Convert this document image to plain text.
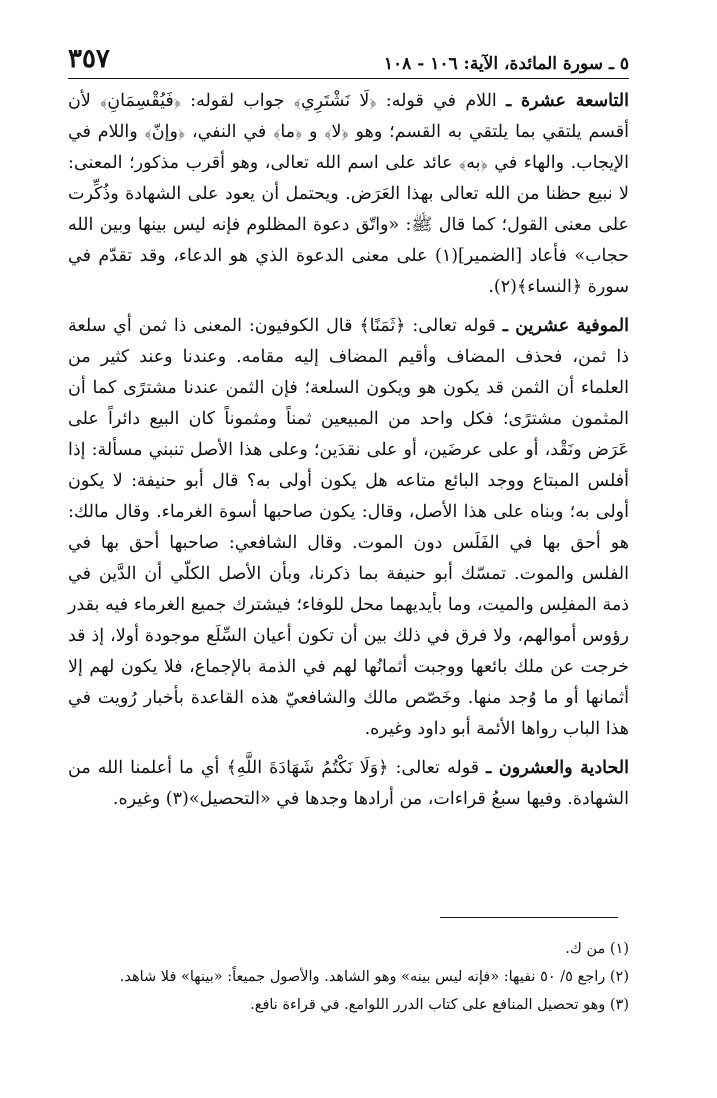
٥ ـ سورة المائدة، الآية: ١٠٦ - ١٠٨
٣٥٧

التاسعة عشرة ـ اللام في قوله: ﴿لَا نَشْتَرِي﴾ جواب لقوله: ﴿فَيُقْسِمَانِ﴾ لأن أقسم يلتقي بما يلتقي به القسم؛ وهو ﴿لا﴾ و ﴿ما﴾ في النفي، ﴿وإنّ﴾ واللام في الإيجاب. والهاء في ﴿به﴾ عائد على اسم الله تعالى، وهو أقرب مذكور؛ المعنى: لا نبيع حظنا من الله تعالى بهذا العَرَض. ويحتمل أن يعود على الشهادة وذُكِّرت على معنى القول؛ كما قال ﷺ: «واتّق دعوة المظلوم فإنه ليس بينها وبين الله حجاب» فأعاد [الضمير](١) على معنى الدعوة الذي هو الدعاء، وقد تقدّم في سورة ﴿النساء﴾(٢).

الموفية عشرين ـ قوله تعالى: ﴿ثَمَنًا﴾ قال الكوفيون: المعنى ذا ثمن أي سلعة ذا ثمن، فحذف المضاف وأقيم المضاف إليه مقامه. وعندنا وعند كثير من العلماء أن الثمن قد يكون هو ويكون السلعة؛ فإن الثمن عندنا مشترًى كما أن المثمون مشترًى؛ فكل واحد من المبيعين ثمناً ومثموناً كان البيع دائراً على عَرَض ونَقْد، أو على عرضَين، أو على نقدَين؛ وعلى هذا الأصل تنبني مسألة: إذا أفلس المبتاع ووجد البائع متاعه هل يكون أولى به؟ قال أبو حنيفة: لا يكون أولى به؛ وبناه على هذا الأصل، وقال: يكون صاحبها أسوة الغرماء. وقال مالك: هو أحق بها في الفَلَس دون الموت. وقال الشافعي: صاحبها أحق بها في الفلس والموت. تمسّك أبو حنيفة بما ذكرنا، وبأن الأصل الكلّي أن الدَّين في ذمة المفلِس والميت، وما بأيديهما محل للوفاء؛ فيشترك جميع الغرماء فيه بقدر رؤوس أموالهم، ولا فرق في ذلك بين أن تكون أعيان السِّلَع موجودة أولا، إذ قد خرجت عن ملك بائعها ووجبت أثمانُها لهم في الذمة بالإجماع، فلا يكون لهم إلا أثمانها أو ما وُجد منها. وخَصّص مالك والشافعيّ هذه القاعدة بأخبار رُويت في هذا الباب رواها الأئمة أبو داود وغيره.

الحادية والعشرون ـ قوله تعالى: ﴿وَلَا نَكْتُمُ شَهَادَةَ اللَّهِ﴾ أي ما أعلمنا الله من الشهادة. وفيها سبعُ قراءات، من أرادها وجدها في «التحصيل»(٣) وغيره.

(١) من ك.

(٢) راجع ٥/ ٥٠ نفيها: «فإنه ليس بينه» وهو الشاهد. والأصول جميعاً: «بينها» فلا شاهد.

(٣) وهو تحصيل المنافع على كتاب الدرر اللوامع. في قراءة نافع.
